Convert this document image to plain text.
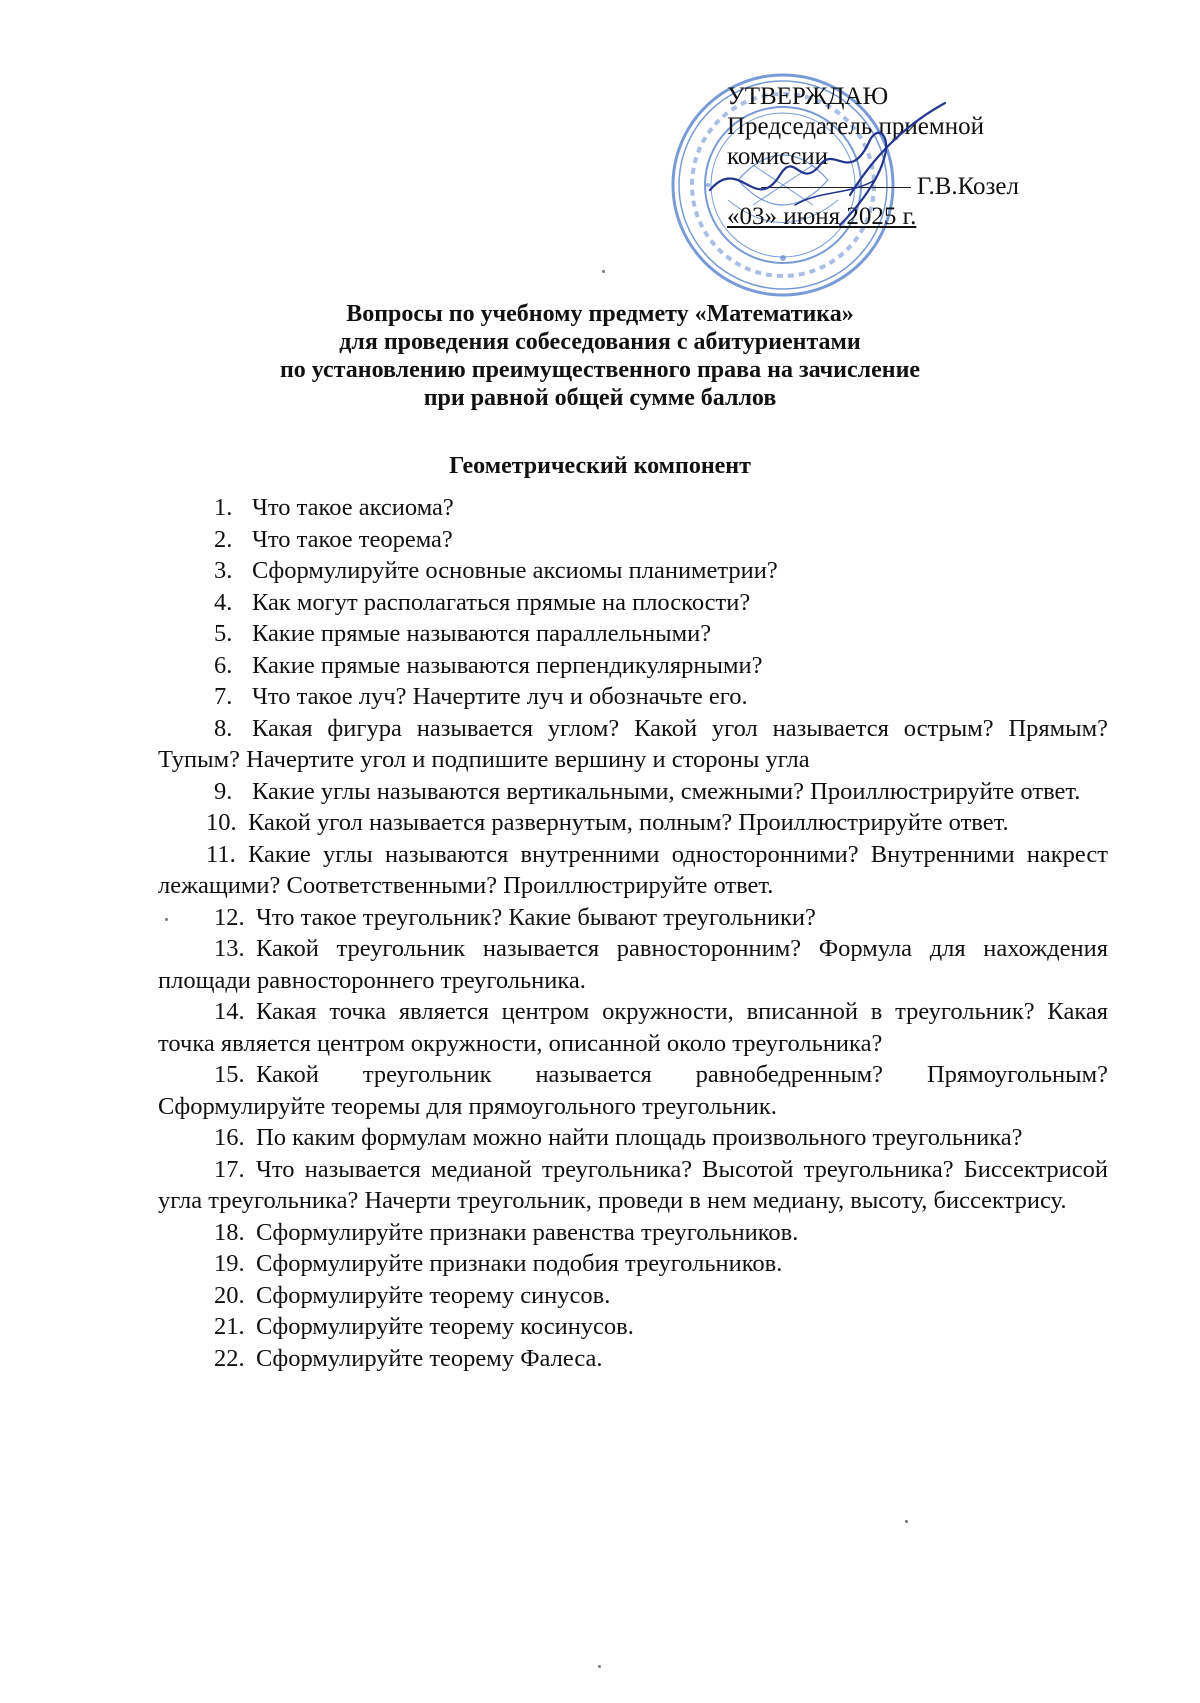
УТВЕРЖДАЮ
Председатель приемной
комиссии
Г.В.Козел
«03» июня 2025 г.
Вопросы по учебному предмету «Математика»
для проведения собеседования с абитуриентами
по установлению преимущественного права на зачисление
при равной общей сумме баллов
Геометрический компонент
1. Что такое аксиома?
2. Что такое теорема?
3. Сформулируйте основные аксиомы планиметрии?
4. Как могут располагаться прямые на плоскости?
5. Какие прямые называются параллельными?
6. Какие прямые называются перпендикулярными?
7. Что такое луч? Начертите луч и обозначьте его.
8. Какая фигура называется углом? Какой угол называется острым? Прямым? Тупым? Начертите угол и подпишите вершину и стороны угла
9. Какие углы называются вертикальными, смежными? Проиллюстрируйте ответ.
10. Какой угол называется развернутым, полным? Проиллюстрируйте ответ.
11. Какие углы называются внутренними односторонними? Внутренними накрест лежащими? Соответственными? Проиллюстрируйте ответ.
12. Что такое треугольник? Какие бывают треугольники?
13. Какой треугольник называется равносторонним? Формула для нахождения площади равностороннего треугольника.
14. Какая точка является центром окружности, вписанной в треугольник? Какая точка является центром окружности, описанной около треугольника?
15. Какой треугольник называется равнобедренным? Прямоугольным? Сформулируйте теоремы для прямоугольного треугольник.
16. По каким формулам можно найти площадь произвольного треугольника?
17. Что называется медианой треугольника? Высотой треугольника? Биссектрисой угла треугольника? Начерти треугольник, проведи в нем медиану, высоту, биссектрису.
18. Сформулируйте признаки равенства треугольников.
19. Сформулируйте признаки подобия треугольников.
20. Сформулируйте теорему синусов.
21. Сформулируйте теорему косинусов.
22. Сформулируйте теорему Фалеса.
